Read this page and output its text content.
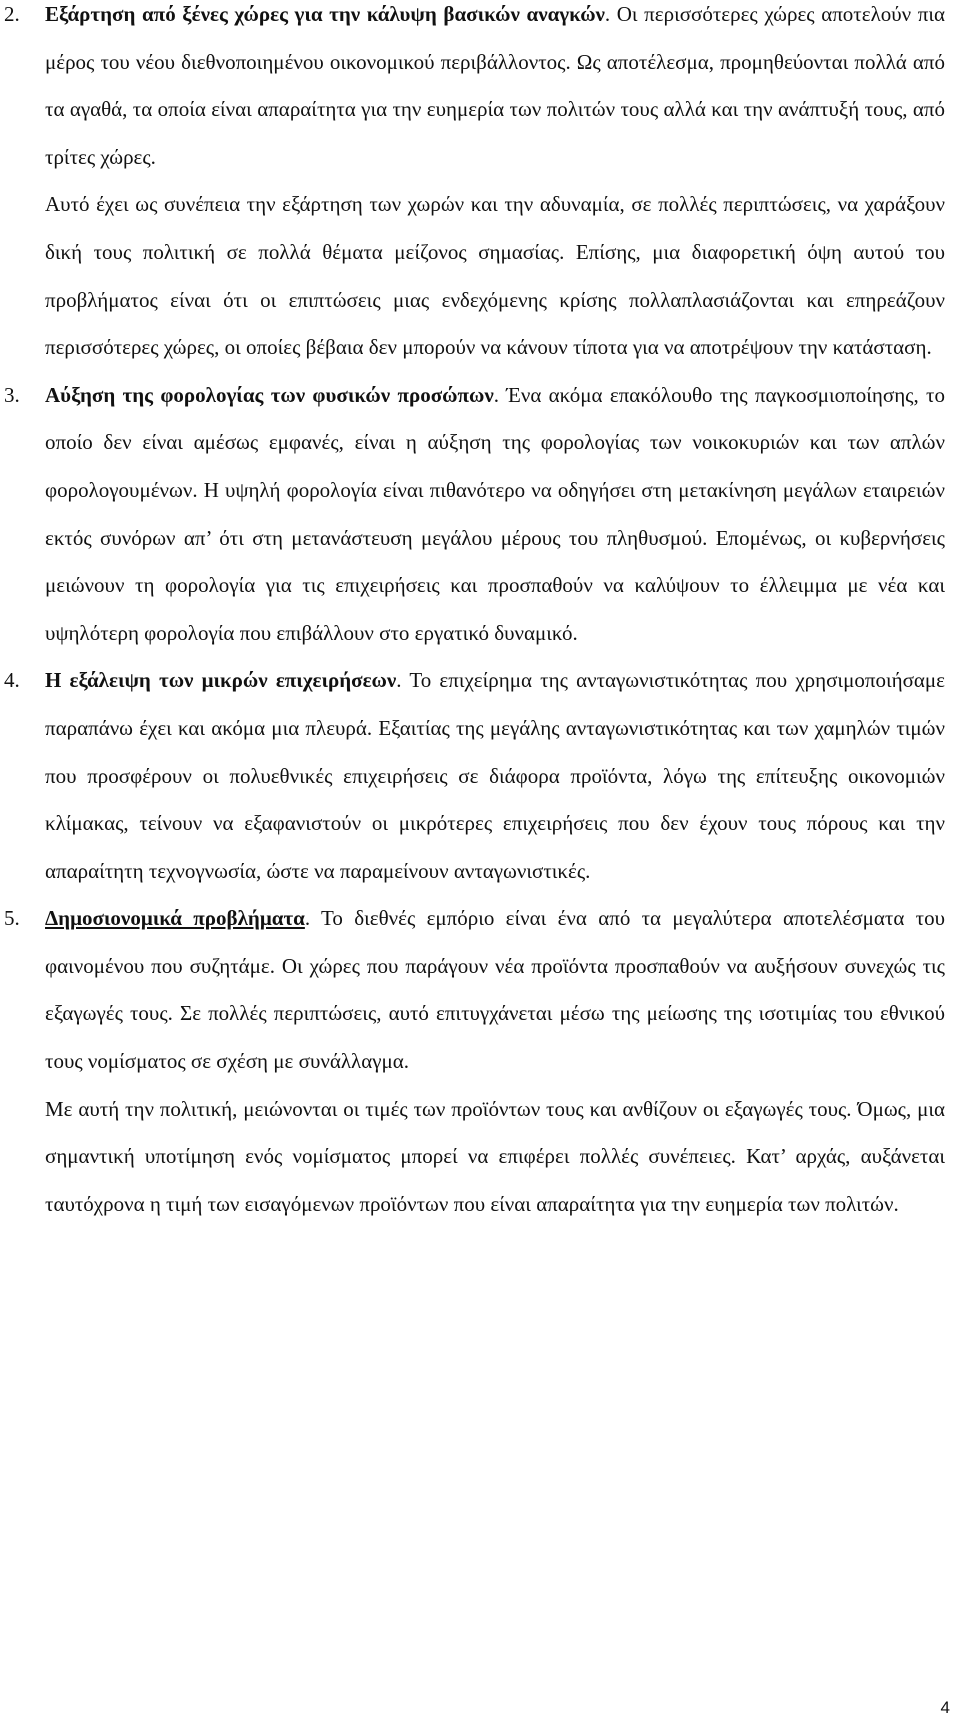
2. Εξάρτηση από ξένες χώρες για την κάλυψη βασικών αναγκών. Οι περισσότερες χώρες αποτελούν πια μέρος του νέου διεθνοποιημένου οικονομικού περιβάλλοντος. Ως αποτέλεσμα, προμηθεύονται πολλά από τα αγαθά, τα οποία είναι απαραίτητα για την ευημερία των πολιτών τους αλλά και την ανάπτυξή τους, από τρίτες χώρες.

Αυτό έχει ως συνέπεια την εξάρτηση των χωρών και την αδυναμία, σε πολλές περιπτώσεις, να χαράξουν δική τους πολιτική σε πολλά θέματα μείζονος σημασίας. Επίσης, μια διαφορετική όψη αυτού του προβλήματος είναι ότι οι επιπτώσεις μιας ενδεχόμενης κρίσης πολλαπλασιάζονται και επηρεάζουν περισσότερες χώρες, οι οποίες βέβαια δεν μπορούν να κάνουν τίποτα για να αποτρέψουν την κατάσταση.

3. Αύξηση της φορολογίας των φυσικών προσώπων. Ένα ακόμα επακόλουθο της παγκοσμιοποίησης, το οποίο δεν είναι αμέσως εμφανές, είναι η αύξηση της φορολογίας των νοικοκυριών και των απλών φορολογουμένων. Η υψηλή φορολογία είναι πιθανότερο να οδηγήσει στη μετακίνηση μεγάλων εταιρειών εκτός συνόρων απ’ ότι στη μετανάστευση μεγάλου μέρους του πληθυσμού. Επομένως, οι κυβερνήσεις μειώνουν τη φορολογία για τις επιχειρήσεις και προσπαθούν να καλύψουν το έλλειμμα με νέα και υψηλότερη φορολογία που επιβάλλουν στο εργατικό δυναμικό.

4. Η εξάλειψη των μικρών επιχειρήσεων. Το επιχείρημα της ανταγωνιστικότητας που χρησιμοποιήσαμε παραπάνω έχει και ακόμα μια πλευρά. Εξαιτίας της μεγάλης ανταγωνιστικότητας και των χαμηλών τιμών που προσφέρουν οι πολυεθνικές επιχειρήσεις σε διάφορα προϊόντα, λόγω της επίτευξης οικονομιών κλίμακας, τείνουν να εξαφανιστούν οι μικρότερες επιχειρήσεις που δεν έχουν τους πόρους και την απαραίτητη τεχνογνωσία, ώστε να παραμείνουν ανταγωνιστικές.

5. Δημοσιονομικά προβλήματα. Το διεθνές εμπόριο είναι ένα από τα μεγαλύτερα αποτελέσματα του φαινομένου που συζητάμε. Οι χώρες που παράγουν νέα προϊόντα προσπαθούν να αυξήσουν συνεχώς τις εξαγωγές τους. Σε πολλές περιπτώσεις, αυτό επιτυγχάνεται μέσω της μείωσης της ισοτιμίας του εθνικού τους νομίσματος σε σχέση με συνάλλαγμα.

Με αυτή την πολιτική, μειώνονται οι τιμές των προϊόντων τους και ανθίζουν οι εξαγωγές τους. Όμως, μια σημαντική υποτίμηση ενός νομίσματος μπορεί να επιφέρει πολλές συνέπειες. Κατ’ αρχάς, αυξάνεται ταυτόχρονα η τιμή των εισαγόμενων προϊόντων που είναι απαραίτητα για την ευημερία των πολιτών.

4
